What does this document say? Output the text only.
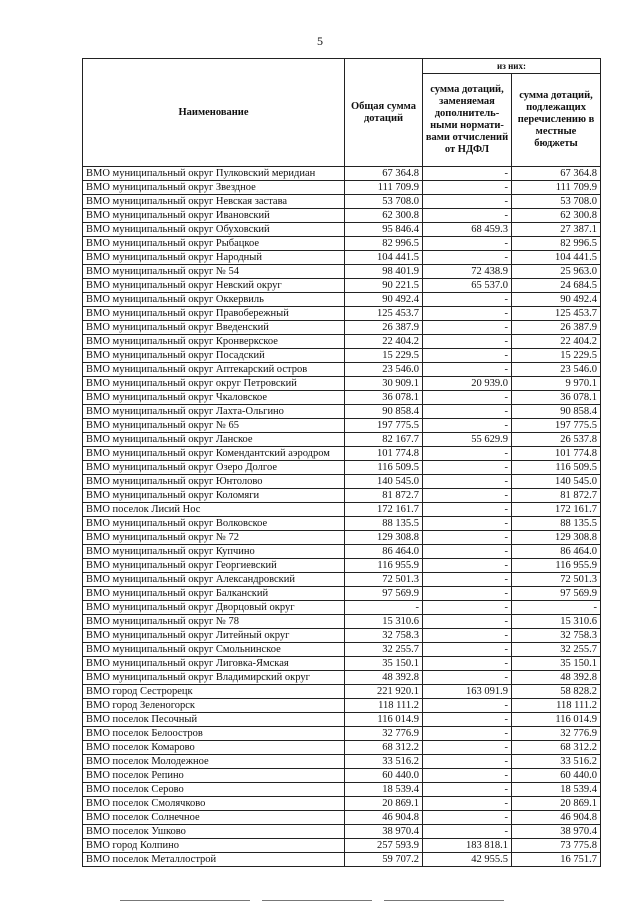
5
Наименование	Общая сумма дотаций	из них:	
		сумма дотаций, заменяемая дополнитель-ными нормати-вами отчислений от НДФЛ	сумма дотаций, подлежащих перечислению в местные бюджеты
ВМО муниципальный округ Пулковский меридиан	67 364.8	-	67 364.8
ВМО муниципальный округ Звездное	111 709.9	-	111 709.9
ВМО муниципальный округ Невская застава	53 708.0	-	53 708.0
ВМО муниципальный округ Ивановский	62 300.8	-	62 300.8
ВМО муниципальный округ Обуховский	95 846.4	68 459.3	27 387.1
ВМО муниципальный округ Рыбацкое	82 996.5	-	82 996.5
ВМО муниципальный округ Народный	104 441.5	-	104 441.5
ВМО муниципальный округ № 54	98 401.9	72 438.9	25 963.0
ВМО муниципальный округ Невский округ	90 221.5	65 537.0	24 684.5
ВМО муниципальный округ Оккервиль	90 492.4	-	90 492.4
ВМО муниципальный округ Правобережный	125 453.7	-	125 453.7
ВМО муниципальный округ Введенский	26 387.9	-	26 387.9
ВМО муниципальный округ Кронверкское	22 404.2	-	22 404.2
ВМО муниципальный округ Посадский	15 229.5	-	15 229.5
ВМО муниципальный округ Аптекарский остров	23 546.0	-	23 546.0
ВМО муниципальный округ округ Петровский	30 909.1	20 939.0	9 970.1
ВМО муниципальный округ Чкаловское	36 078.1	-	36 078.1
ВМО муниципальный округ Лахта-Ольгино	90 858.4	-	90 858.4
ВМО муниципальный округ № 65	197 775.5	-	197 775.5
ВМО муниципальный округ Ланское	82 167.7	55 629.9	26 537.8
ВМО муниципальный округ Комендантский аэродром	101 774.8	-	101 774.8
ВМО муниципальный округ Озеро Долгое	116 509.5	-	116 509.5
ВМО муниципальный округ Юнтолово	140 545.0	-	140 545.0
ВМО муниципальный округ Коломяги	81 872.7	-	81 872.7
ВМО поселок Лисий Нос	172 161.7	-	172 161.7
ВМО муниципальный округ Волковское	88 135.5	-	88 135.5
ВМО муниципальный округ № 72	129 308.8	-	129 308.8
ВМО муниципальный округ Купчино	86 464.0	-	86 464.0
ВМО муниципальный округ Георгиевский	116 955.9	-	116 955.9
ВМО муниципальный округ Александровский	72 501.3	-	72 501.3
ВМО муниципальный округ Балканский	97 569.9	-	97 569.9
ВМО муниципальный округ Дворцовый округ	-	-	-
ВМО муниципальный округ № 78	15 310.6	-	15 310.6
ВМО муниципальный округ Литейный округ	32 758.3	-	32 758.3
ВМО муниципальный округ Смольнинское	32 255.7	-	32 255.7
ВМО муниципальный округ Лиговка-Ямская	35 150.1	-	35 150.1
ВМО муниципальный округ Владимирский округ	48 392.8	-	48 392.8
ВМО город Сестрорецк	221 920.1	163 091.9	58 828.2
ВМО город Зеленогорск	118 111.2	-	118 111.2
ВМО поселок Песочный	116 014.9	-	116 014.9
ВМО поселок Белоостров	32 776.9	-	32 776.9
ВМО поселок Комарово	68 312.2	-	68 312.2
ВМО поселок Молодежное	33 516.2	-	33 516.2
ВМО поселок Репино	60 440.0	-	60 440.0
ВМО поселок Серово	18 539.4	-	18 539.4
ВМО поселок Смолячково	20 869.1	-	20 869.1
ВМО поселок Солнечное	46 904.8	-	46 904.8
ВМО поселок Ушково	38 970.4	-	38 970.4
ВМО город Колпино	257 593.9	183 818.1	73 775.8
ВМО поселок Металлострой	59 707.2	42 955.5	16 751.7
